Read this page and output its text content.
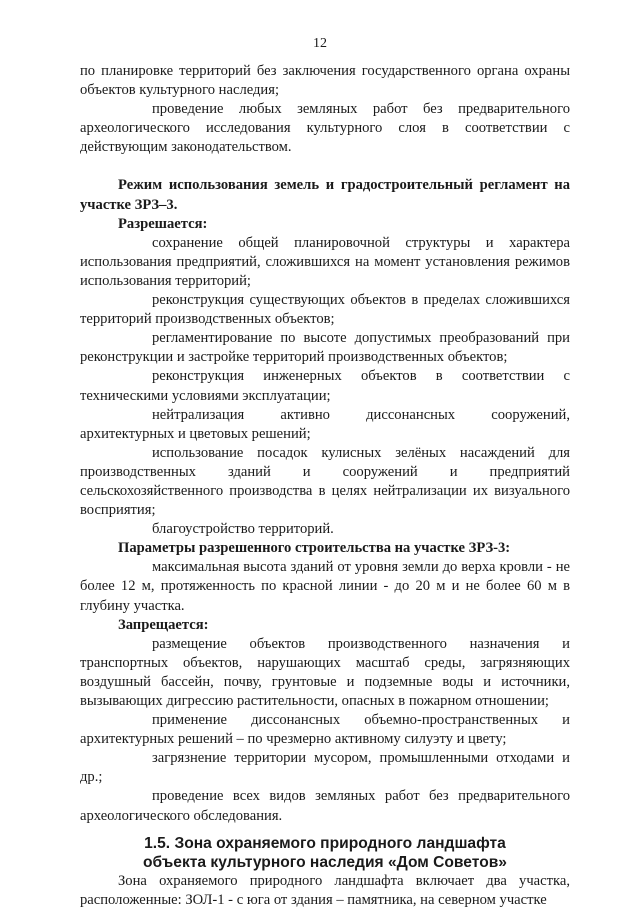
12

по планировке территорий без заключения государственного органа охраны объектов культурного наследия;

проведение любых земляных работ без предварительного археологического исследования культурного слоя в соответствии с действующим законодательством.

Режим использования земель и градостроительный регламент на участке ЗРЗ–3.

Разрешается:

сохранение общей планировочной структуры и характера использования предприятий, сложившихся на момент установления режимов использования территорий;

реконструкция существующих объектов в пределах сложившихся территорий производственных объектов;

регламентирование по высоте допустимых преобразований при реконструкции и застройке территорий производственных объектов;

реконструкция инженерных объектов в соответствии с техническими условиями эксплуатации;

нейтрализация активно диссонансных сооружений, архитектурных и цветовых решений;

использование посадок кулисных зелёных насаждений для производственных зданий и сооружений и предприятий сельскохозяйственного производства в целях нейтрализации их визуального восприятия;

благоустройство территорий.

Параметры разрешенного строительства на участке ЗРЗ-3:

максимальная высота зданий от уровня земли до верха кровли - не более 12 м, протяженность по красной линии - до 20 м и не более 60 м в глубину участка.

Запрещается:

размещение объектов производственного назначения и транспортных объектов, нарушающих масштаб среды, загрязняющих воздушный бассейн, почву, грунтовые и подземные воды и источники, вызывающих дигрессию растительности, опасных в пожарном отношении;

применение диссонансных объемно-пространственных и архитектурных решений – по чрезмерно активному силуэту и цвету;

загрязнение территории мусором, промышленными отходами и др.;

проведение всех видов земляных работ без предварительного археологического обследования.

1.5. Зона охраняемого природного ландшафта
объекта культурного наследия «Дом Советов»

Зона охраняемого природного ландшафта включает два участка, расположенные: ЗОЛ-1 - с юга от здания – памятника, на северном участке
